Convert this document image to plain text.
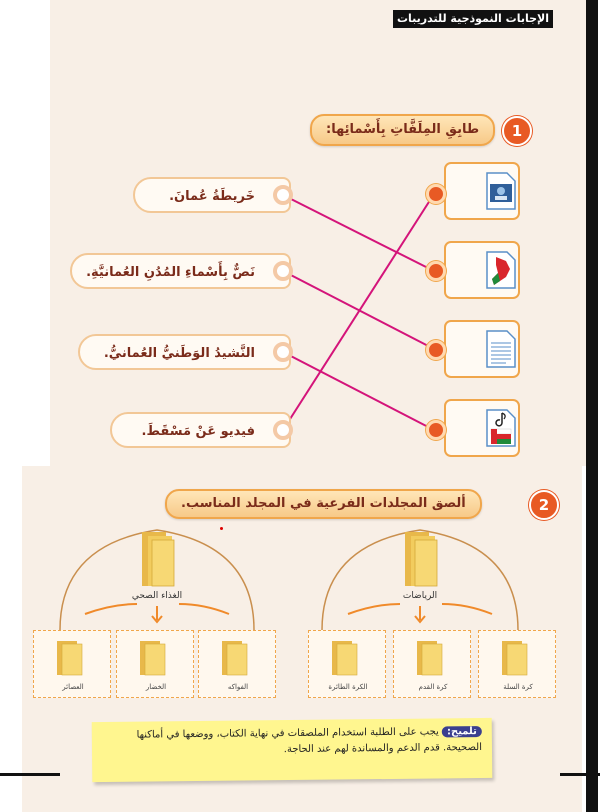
الإجابات النموذجية للتدريبات
1
طابِقِ المِلَفَّاتِ بِأَسْمائِها:
خَريطَةُ عُمانَ.
نَصٌّ بِأَسْماءِ المُدُنِ العُمانيَّةِ.
النَّشيدُ الوَطَنيُّ العُمانيُّ.
فيديو عَنْ مَسْقَطَ.
2
ألصق المجلدات الفرعية في المجلد المناسب.
الرياضات
الغذاء الصحي
كرة السلة
كرة القدم
الكرة الطائرة
الفواكه
الخضار
العصائر
تلميح: يجب على الطلبة استخدام الملصقات في نهاية الكتاب، ووضعها في أماكنها الصحيحة. قدم الدعم والمساندة لهم عند الحاجة.
